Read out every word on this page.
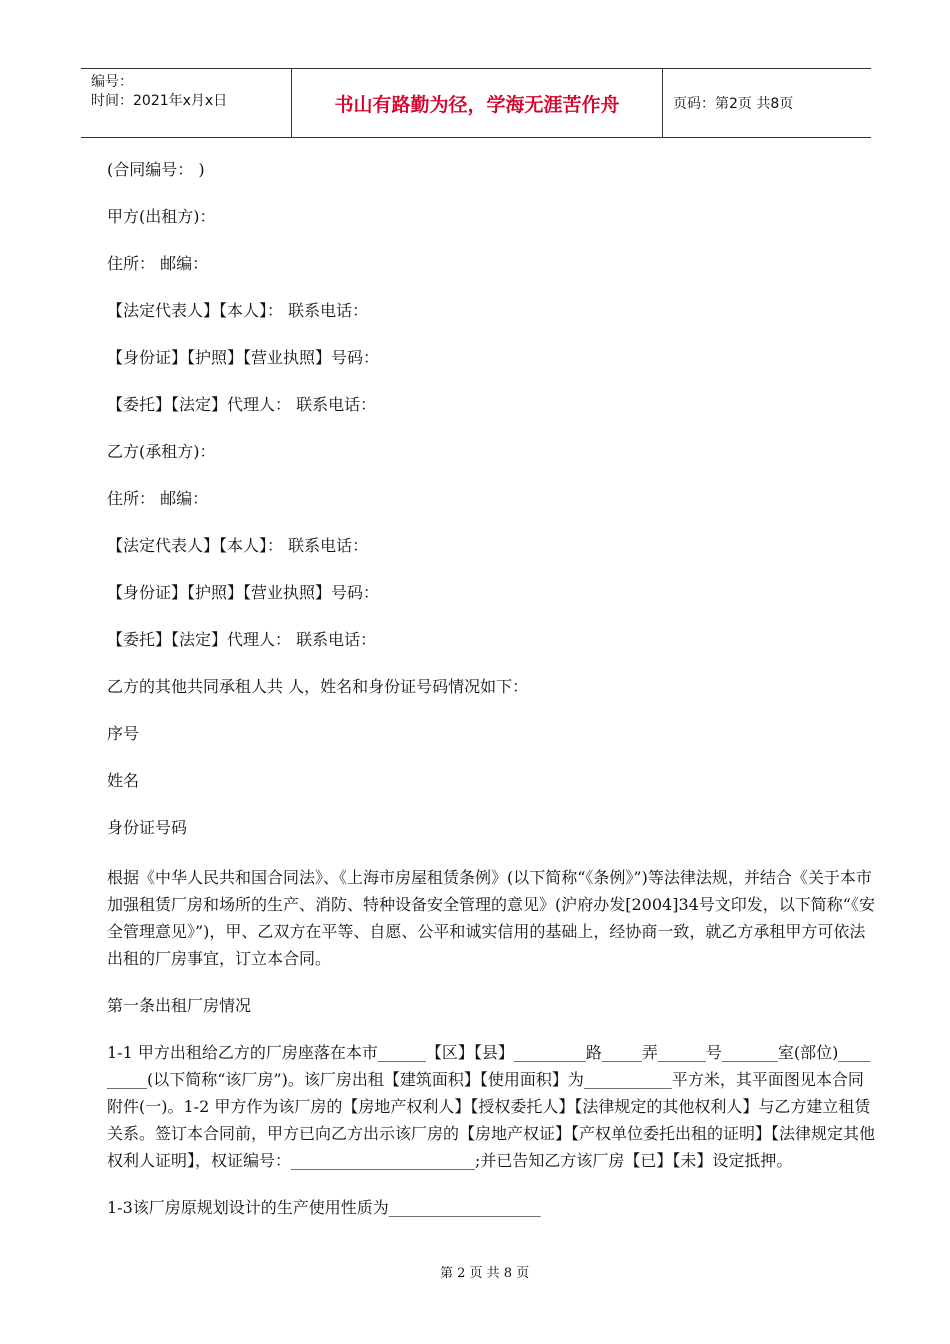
编号：
时间：2021年x月x日	书山有路勤为径，学海无涯苦作舟	页码：第2页 共8页
(合同编号： )
甲方(出租方)：
住所： 邮编：
【法定代表人】【本人】： 联系电话：
【身份证】【护照】【营业执照】号码：
【委托】【法定】代理人： 联系电话：
乙方(承租方)：
住所： 邮编：
【法定代表人】【本人】： 联系电话：
【身份证】【护照】【营业执照】号码：
【委托】【法定】代理人： 联系电话：
乙方的其他共同承租人共 人，姓名和身份证号码情况如下：
序号
姓名
身份证号码
根据《中华人民共和国合同法》、《上海市房屋租赁条例》(以下简称“《条例》”)等法律法规，并结合《关于本市加强租赁厂房和场所的生产、消防、特种设备安全管理的意见》(沪府办发[2004]34号文印发，以下简称“《安全管理意见》”)，甲、乙双方在平等、自愿、公平和诚实信用的基础上，经协商一致，就乙方承租甲方可依法出租的厂房事宜，订立本合同。
第一条出租厂房情况
1-1 甲方出租给乙方的厂房座落在本市______【区】【县】_________路_____弄______号_______室(部位)_________(以下简称“该厂房”)。该厂房出租【建筑面积】【使用面积】为___________平方米，其平面图见本合同附件(一)。1-2 甲方作为该厂房的【房地产权利人】【授权委托人】【法律规定的其他权利人】与乙方建立租赁关系。签订本合同前，甲方已向乙方出示该厂房的【房地产权证】【产权单位委托出租的证明】【法律规定其他权利人证明】，权证编号：_______________________;并已告知乙方该厂房【已】【未】设定抵押。
1-3该厂房原规划设计的生产使用性质为___________________
第 2 页 共 8 页
